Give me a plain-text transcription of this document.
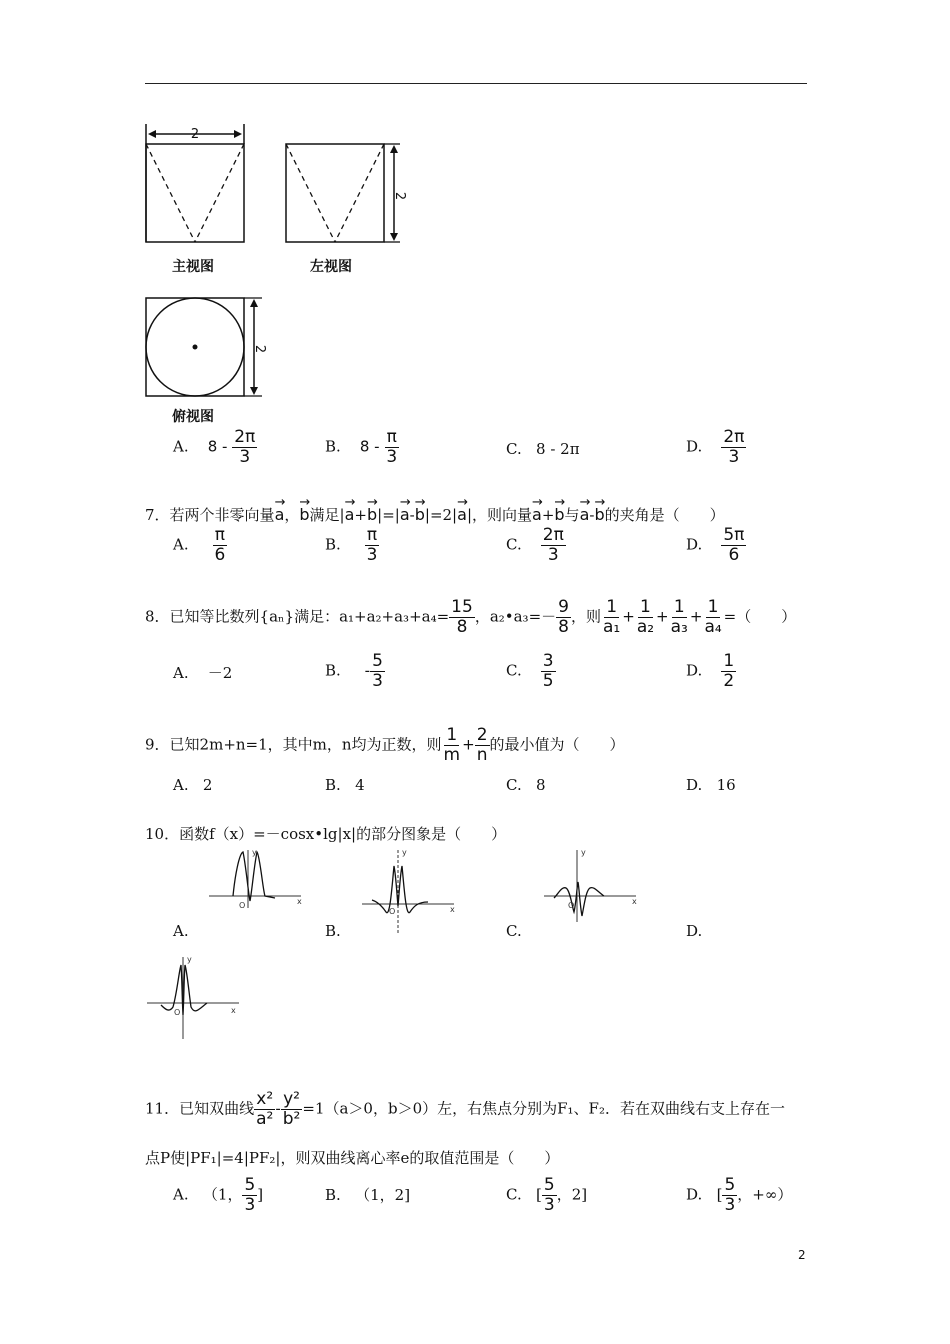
2
2
2
主视图	左视图
俯视图
A. $8 - \frac{2\pi}{3}$	B. $8 - \frac{\pi}{3}$	C. 8 - 2π	D. $\frac{2\pi}{3}$
7．若两个非零向量→ a，→ b满足|→ a+→ b|=|→ a-→ b|=2|→ a|，则向量→ a+→ b与→ a-→ b的夹角是（　　）
A. $\frac{\pi}{6}$	B. $\frac{\pi}{3}$	C. $\frac{2\pi}{3}$	D. $\frac{5\pi}{6}$
8．已知等比数列{aₙ}满足：$a_1+a_2+a_3+a_4= \frac{15}{8}$ ，a₂•a₃=－ $\frac{9}{8}$ ，则 $\frac{1}{\text{a₁}} + \frac{1}{\text{a₂}} + \frac{1}{\text{a₃}} + \frac{1}{\text{a₄}}$ =（　　）
A. －2	B. - $\frac{5}{3}$	C. $\frac{3}{5}$	D. $\frac{1}{2}$
9．已知2m+n=1，其中m，n均为正数，则 $\frac{1}{m} + \frac{2}{n}$ 的最小值为（　　）
A. 2	B. 4	C. 8	D. 16
10．函数f（x）=－cosx•lg|x|的部分图象是（　　）
y
x
O
y
x
O
y
x
O
y
x
O
A.	B.	C.	D.
11．已知双曲线 $\frac{\text{x²}}{\text{a²}} - \frac{\text{y²}}{\text{b²}} =1(a>0$，b＞0）左，右焦点分别为F₁、F₂．若在双曲线右支上存在一
点P使|PF₁|=4|PF₂|，则双曲线离心率e的取值范围是（　　）
A. （1， $\frac{5}{3}$ ]	B. （1，2]	C. [ $\frac{5}{3}$ ，2]	D. [ $\frac{5}{3}$ ，+∞）
2
